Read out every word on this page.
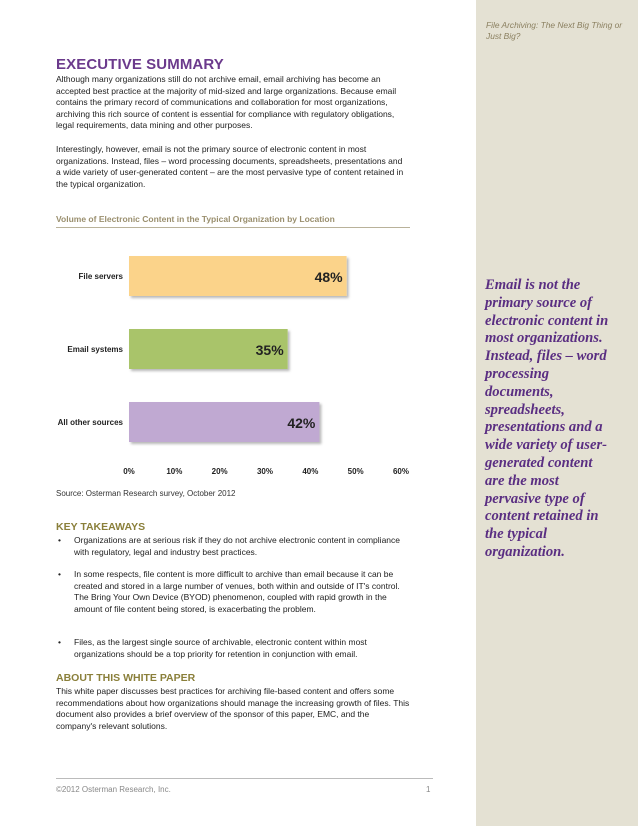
File Archiving: The Next Big Thing or Just Big?
Email is not the primary source of electronic content in most organizations. Instead, files – word processing documents, spreadsheets, presentations and a wide variety of user-generated content are the most pervasive type of content retained in the typical organization.
EXECUTIVE SUMMARY

Although many organizations still do not archive email, email archiving has become an accepted best practice at the majority of mid-sized and large organizations. Because email contains the primary record of communications and collaboration for most organizations, archiving this rich source of content is essential for compliance with regulatory obligations, legal requirements, data mining and other purposes.

Interestingly, however, email is not the primary source of electronic content in most organizations. Instead, files – word processing documents, spreadsheets, presentations and a wide variety of user-generated content – are the most pervasive type of content retained in the typical organization.

Volume of Electronic Content in the Typical Organization by Location
File servers	48%
Email systems	35%
All other sources	42%
0%	10%	20%	30%	40%	50%	60%
Source: Osterman Research survey, October 2012
KEY TAKEAWAYS
• Organizations are at serious risk if they do not archive electronic content in compliance with regulatory, legal and industry best practices.
• In some respects, file content is more difficult to archive than email because it can be created and stored in a large number of venues, both within and outside of IT's control. The Bring Your Own Device (BYOD) phenomenon, coupled with rapid growth in the amount of file content being stored, is exacerbating the problem.
• Files, as the largest single source of archivable, electronic content within most organizations should be a top priority for retention in conjunction with email.
ABOUT THIS WHITE PAPER

This white paper discusses best practices for archiving file-based content and offers some recommendations about how organizations should manage the increasing growth of files. This document also provides a brief overview of the sponsor of this paper, EMC, and the company's relevant solutions.

©2012 Osterman Research, Inc.	1
